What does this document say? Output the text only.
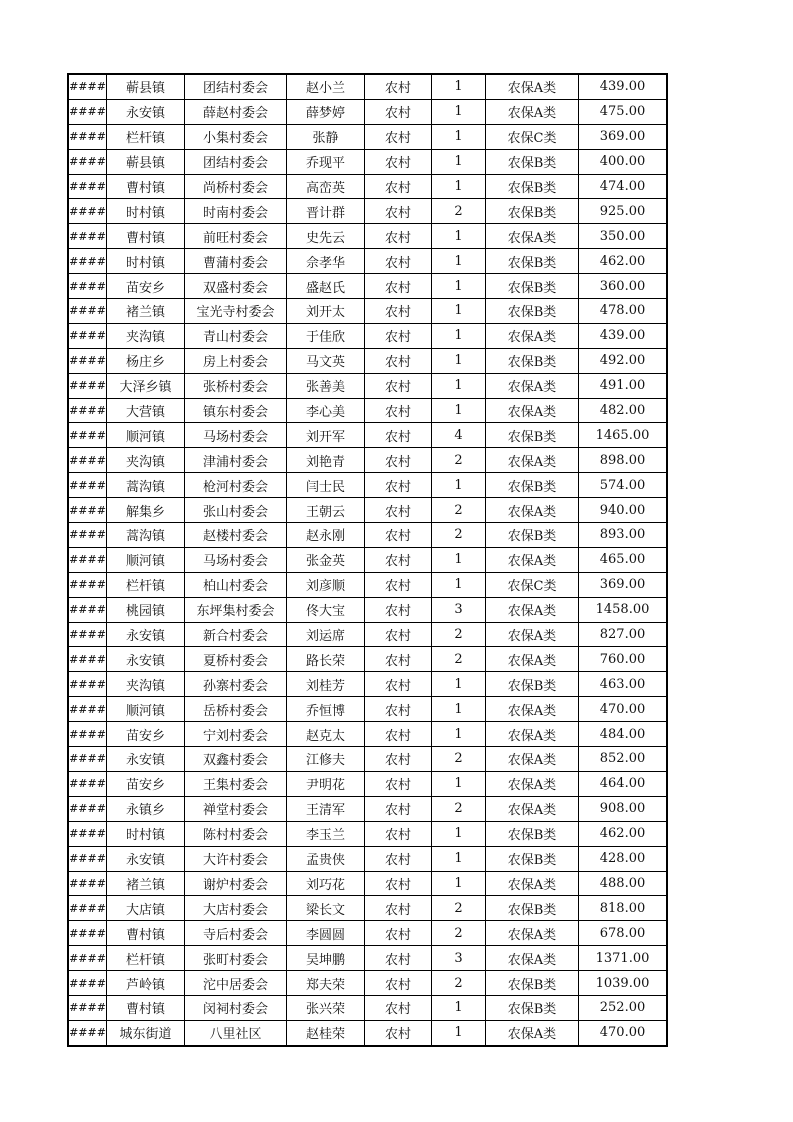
####	蕲县镇	团结村委会	赵小兰	农村	1	农保A类	439.00
####	永安镇	薛赵村委会	薛梦婷	农村	1	农保A类	475.00
####	栏杆镇	小集村委会	张静	农村	1	农保C类	369.00
####	蕲县镇	团结村委会	乔现平	农村	1	农保B类	400.00
####	曹村镇	尚桥村委会	高峦英	农村	1	农保B类	474.00
####	时村镇	时南村委会	晋计群	农村	2	农保B类	925.00
####	曹村镇	前旺村委会	史先云	农村	1	农保A类	350.00
####	时村镇	曹蒲村委会	佘孝华	农村	1	农保B类	462.00
####	苗安乡	双盛村委会	盛赵氏	农村	1	农保B类	360.00
####	褚兰镇	宝光寺村委会	刘开太	农村	1	农保B类	478.00
####	夹沟镇	青山村委会	于佳欣	农村	1	农保A类	439.00
####	杨庄乡	房上村委会	马文英	农村	1	农保B类	492.00
####	大泽乡镇	张桥村委会	张善美	农村	1	农保A类	491.00
####	大营镇	镇东村委会	李心美	农村	1	农保A类	482.00
####	顺河镇	马场村委会	刘开军	农村	4	农保B类	1465.00
####	夹沟镇	津浦村委会	刘艳青	农村	2	农保A类	898.00
####	蒿沟镇	枪河村委会	闫士民	农村	1	农保B类	574.00
####	解集乡	张山村委会	王朝云	农村	2	农保A类	940.00
####	蒿沟镇	赵楼村委会	赵永刚	农村	2	农保B类	893.00
####	顺河镇	马场村委会	张金英	农村	1	农保A类	465.00
####	栏杆镇	柏山村委会	刘彦顺	农村	1	农保C类	369.00
####	桃园镇	东坪集村委会	佟大宝	农村	3	农保A类	1458.00
####	永安镇	新合村委会	刘运席	农村	2	农保A类	827.00
####	永安镇	夏桥村委会	路长荣	农村	2	农保A类	760.00
####	夹沟镇	孙寨村委会	刘桂芳	农村	1	农保B类	463.00
####	顺河镇	岳桥村委会	乔恒博	农村	1	农保A类	470.00
####	苗安乡	宁刘村委会	赵克太	农村	1	农保A类	484.00
####	永安镇	双鑫村委会	江修夫	农村	2	农保A类	852.00
####	苗安乡	王集村委会	尹明花	农村	1	农保A类	464.00
####	永镇乡	禅堂村委会	王清军	农村	2	农保A类	908.00
####	时村镇	陈村村委会	李玉兰	农村	1	农保B类	462.00
####	永安镇	大许村委会	孟贵侠	农村	1	农保B类	428.00
####	褚兰镇	谢炉村委会	刘巧花	农村	1	农保A类	488.00
####	大店镇	大店村委会	梁长文	农村	2	农保B类	818.00
####	曹村镇	寺后村委会	李圆圆	农村	2	农保A类	678.00
####	栏杆镇	张町村委会	吴坤鹏	农村	3	农保A类	1371.00
####	芦岭镇	沱中居委会	郑夫荣	农村	2	农保B类	1039.00
####	曹村镇	闵祠村委会	张兴荣	农村	1	农保B类	252.00
####	城东街道	八里社区	赵桂荣	农村	1	农保A类	470.00
